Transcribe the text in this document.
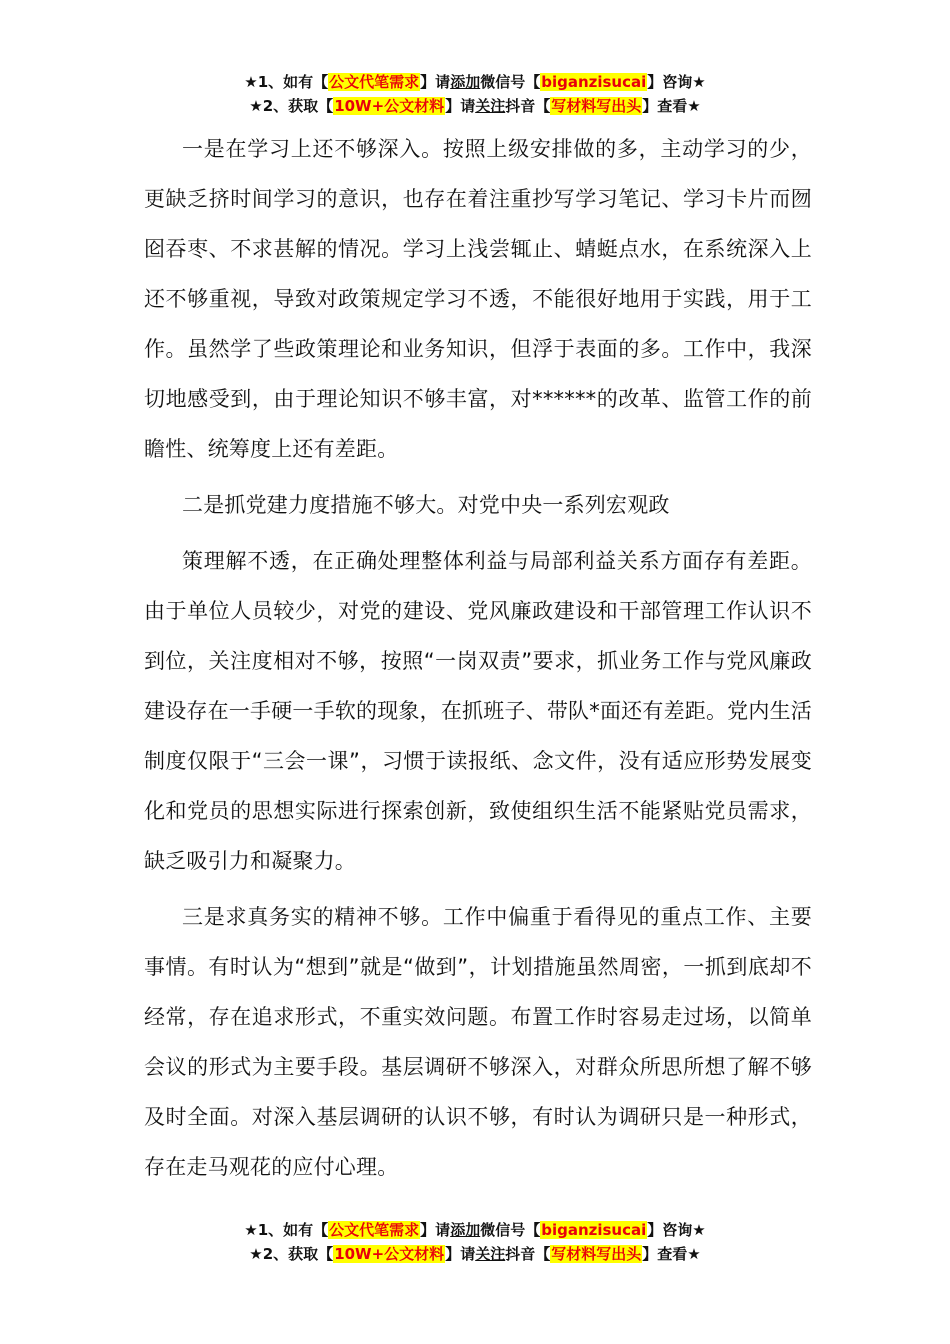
★1、如有【公文代笔需求】请添加微信号【biganzisucai】咨询★
★2、获取【10W+公文材料】请关注抖音【写材料写出头】查看★

一是在学习上还不够深入。按照上级安排做的多，主动学习的少，更缺乏挤时间学习的意识，也存在着注重抄写学习笔记、学习卡片而囫囵吞枣、不求甚解的情况。学习上浅尝辄止、蜻蜓点水，在系统深入上还不够重视，导致对政策规定学习不透，不能很好地用于实践，用于工作。虽然学了些政策理论和业务知识，但浮于表面的多。工作中，我深切地感受到，由于理论知识不够丰富，对******的改革、监管工作的前瞻性、统筹度上还有差距。

二是抓党建力度措施不够大。对党中央一系列宏观政

策理解不透，在正确处理整体利益与局部利益关系方面存有差距。由于单位人员较少，对党的建设、党风廉政建设和干部管理工作认识不到位，关注度相对不够，按照“一岗双责”要求，抓业务工作与党风廉政建设存在一手硬一手软的现象，在抓班子、带队*面还有差距。党内生活制度仅限于“三会一课”，习惯于读报纸、念文件，没有适应形势发展变化和党员的思想实际进行探索创新，致使组织生活不能紧贴党员需求，缺乏吸引力和凝聚力。

三是求真务实的精神不够。工作中偏重于看得见的重点工作、主要事情。有时认为“想到”就是“做到”，计划措施虽然周密，一抓到底却不经常，存在追求形式，不重实效问题。布置工作时容易走过场，以简单会议的形式为主要手段。基层调研不够深入，对群众所思所想了解不够及时全面。对深入基层调研的认识不够，有时认为调研只是一种形式，存在走马观花的应付心理。

★1、如有【公文代笔需求】请添加微信号【biganzisucai】咨询★
★2、获取【10W+公文材料】请关注抖音【写材料写出头】查看★
